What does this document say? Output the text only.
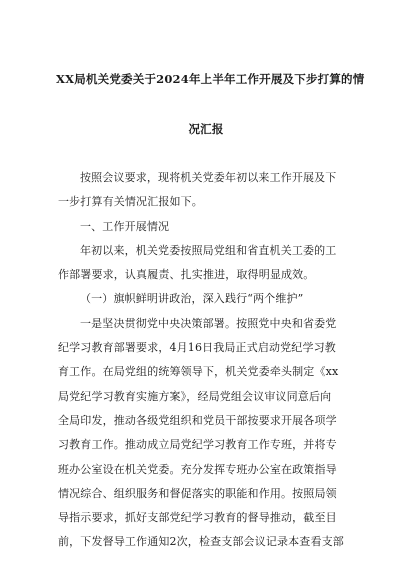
XX局机关党委关于2024年上半年工作开展及下步打算的情
况汇报
按照会议要求，现将机关党委年初以来工作开展及下
一步打算有关情况汇报如下。
一、工作开展情况
年初以来，机关党委按照局党组和省直机关工委的工
作部署要求，认真履责、扎实推进，取得明显成效。
（一）旗帜鲜明讲政治，深入践行“两个维护”
一是坚决贯彻党中央决策部署。按照党中央和省委党
纪学习教育部署要求，4月16日我局正式启动党纪学习教
育工作。在局党组的统筹领导下，机关党委牵头制定《xx
局党纪学习教育实施方案》，经局党组会议审议同意后向
全局印发，推动各级党组织和党员干部按要求开展各项学
习教育工作。推动成立局党纪学习教育工作专班，并将专
班办公室设在机关党委。充分发挥专班办公室在政策指导
情况综合、组织服务和督促落实的职能和作用。按照局领
导指示要求，抓好支部党纪学习教育的督导推动，截至目
前，下发督导工作通知2次，检查支部会议记录本查看支部
